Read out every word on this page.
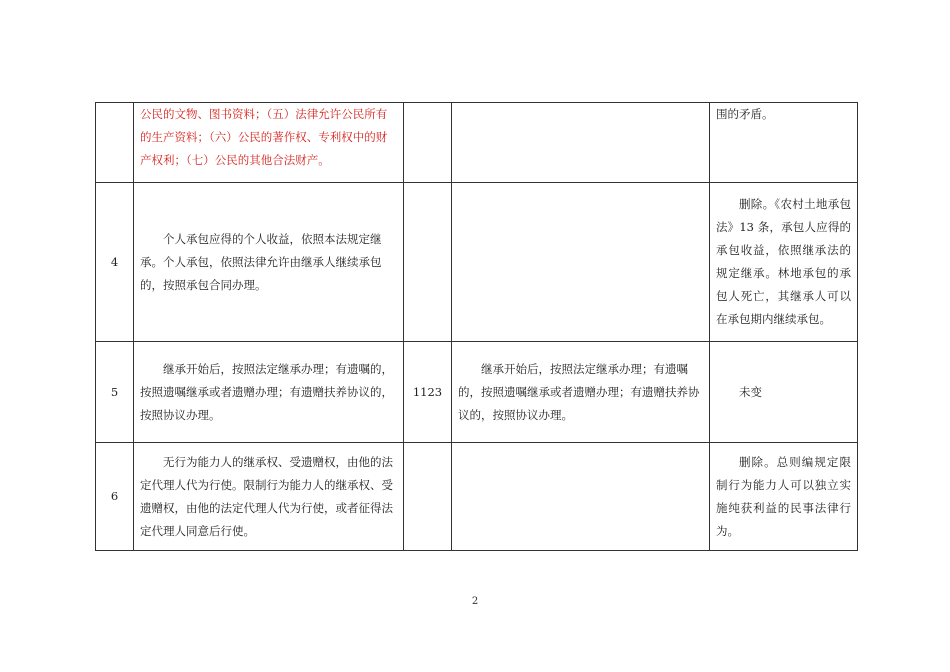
	公民的文物、图书资料；（五）法律允许公民所有的生产资料；（六）公民的著作权、专利权中的财产权利；（七）公民的其他合法财产。			围的矛盾。
4	个人承包应得的个人收益，依照本法规定继承。个人承包，依照法律允许由继承人继续承包的，按照承包合同办理。			删除。《农村土地承包法》13 条，承包人应得的承包收益，依照继承法的规定继承。林地承包的承包人死亡，其继承人可以在承包期内继续承包。
5	继承开始后，按照法定继承办理；有遗嘱的，按照遗嘱继承或者遗赠办理；有遗赠扶养协议的，按照协议办理。	1123	继承开始后，按照法定继承办理；有遗嘱的，按照遗嘱继承或者遗赠办理；有遗赠扶养协议的，按照协议办理。	未变
6	无行为能力人的继承权、受遗赠权，由他的法定代理人代为行使。限制行为能力人的继承权、受遗赠权，由他的法定代理人代为行使，或者征得法定代理人同意后行使。			删除。总则编规定限制行为能力人可以独立实施纯获利益的民事法律行为。
2
